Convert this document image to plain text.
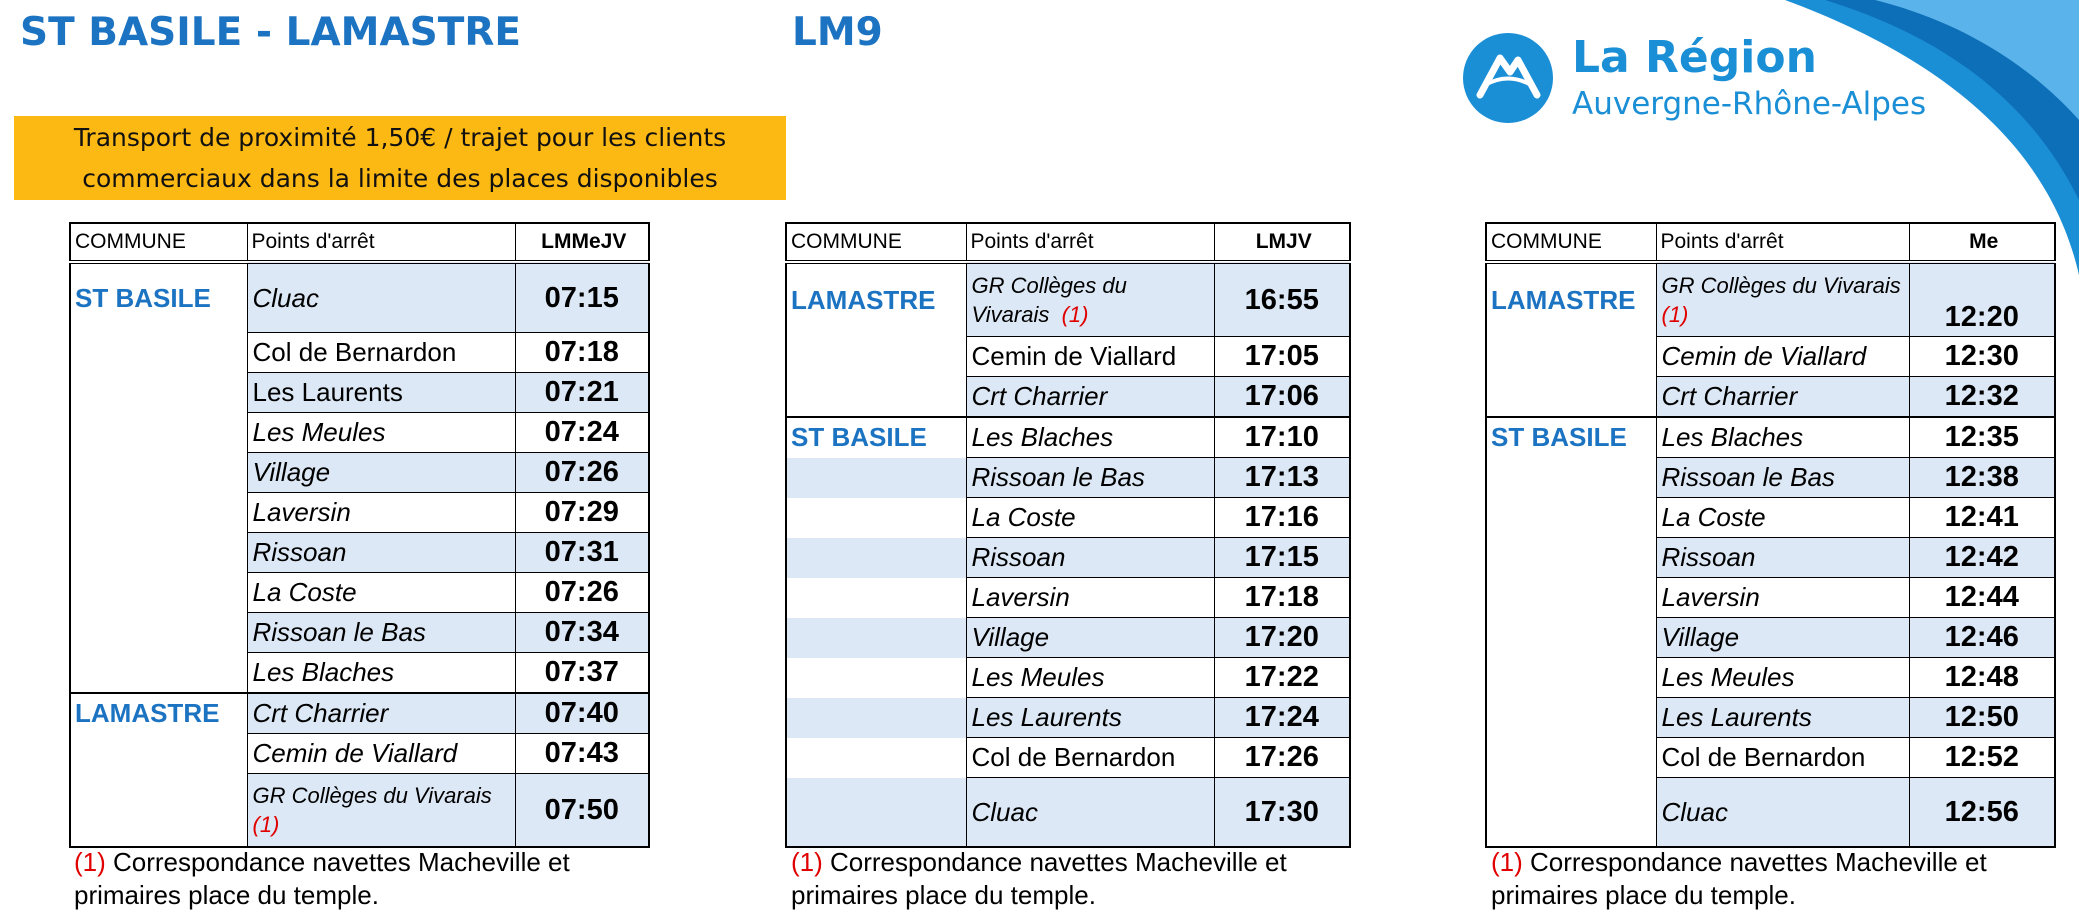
ST BASILE - LAMASTRE	LM9
Transport de proximité 1,50€ / trajet pour les clients
commerciaux dans la limite des places disponibles
La Région
Auvergne-Rhône-Alpes
COMMUNE	Points d'arrêt	LMMeJV
ST BASILE	Cluac	07:15
	Col de Bernardon	07:18
	Les Laurents	07:21
	Les Meules	07:24
	Village	07:26
	Laversin	07:29
	Rissoan	07:31
	La Coste	07:26
	Rissoan le Bas	07:34
	Les Blaches	07:37
LAMASTRE	Crt Charrier	07:40
	Cemin de Viallard	07:43
	GR Collèges du Vivarais  (1)	07:50
COMMUNE	Points d'arrêt	LMJV
LAMASTRE	GR Collèges du Vivarais (1)	16:55
	Cemin de Viallard	17:05
	Crt Charrier	17:06
ST BASILE	Les Blaches	17:10
	Rissoan le Bas	17:13
	La Coste	17:16
	Rissoan	17:15
	Laversin	17:18
	Village	17:20
	Les Meules	17:22
	Les Laurents	17:24
	Col de Bernardon	17:26
	Cluac	17:30
COMMUNE	Points d'arrêt	Me
LAMASTRE	GR Collèges du Vivarais  (1)	12:20
	Cemin de Viallard	12:30
	Crt Charrier	12:32
ST BASILE	Les Blaches	12:35
	Rissoan le Bas	12:38
	La Coste	12:41
	Rissoan	12:42
	Laversin	12:44
	Village	12:46
	Les Meules	12:48
	Les Laurents	12:50
	Col de Bernardon	12:52
	Cluac	12:56
(1) Correspondance navettes Macheville et primaires place du temple.
(1) Correspondance navettes Macheville et primaires place du temple.
(1) Correspondance navettes Macheville et primaires place du temple.
